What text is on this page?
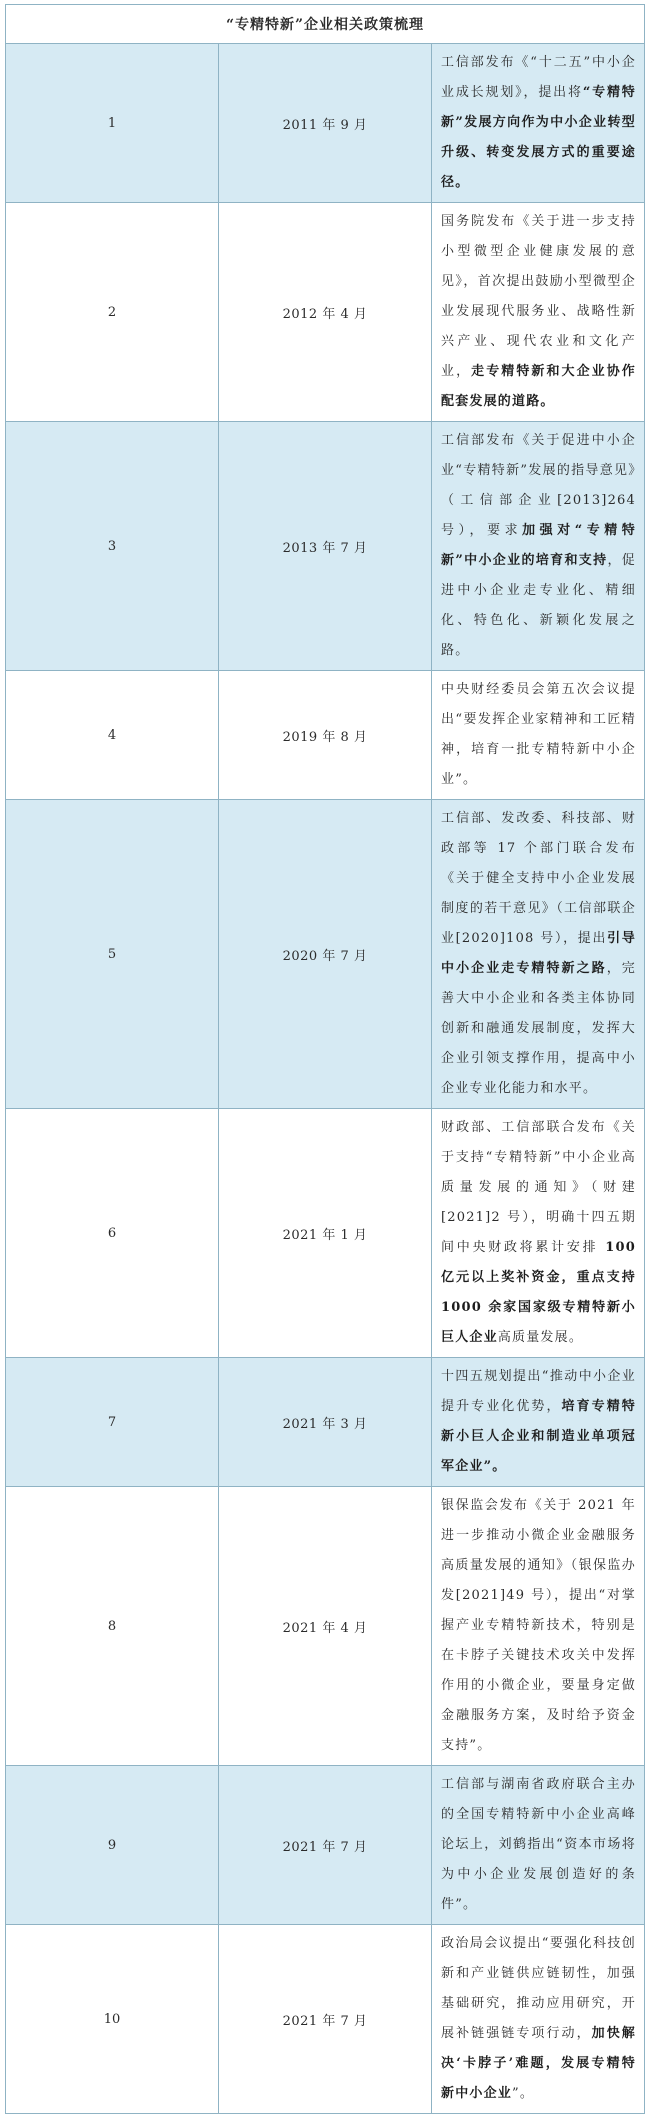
“专精特新”企业相关政策梳理		
1	2011 年 9 月	工信部发布《“十二五”中小企业成长规划》，提出将“专精特新”发展方向作为中小企业转型升级、转变发展方式的重要途径。
2	2012 年 4 月	国务院发布《关于进一步支持小型微型企业健康发展的意见》，首次提出鼓励小型微型企业发展现代服务业、战略性新兴产业、现代农业和文化产业，走专精特新和大企业协作配套发展的道路。
3	2013 年 7 月	工信部发布《关于促进中小企业“专精特新”发展的指导意见》（工信部企业[2013]264 号），要求加强对“专精特新”中小企业的培育和支持，促进中小企业走专业化、精细化、特色化、新颖化发展之路。
4	2019 年 8 月	中央财经委员会第五次会议提出“要发挥企业家精神和工匠精神，培育一批专精特新中小企业”。
5	2020 年 7 月	工信部、发改委、科技部、财政部等 17 个部门联合发布《关于健全支持中小企业发展制度的若干意见》（工信部联企业[2020]108 号），提出引导中小企业走专精特新之路，完善大中小企业和各类主体协同创新和融通发展制度，发挥大企业引领支撑作用，提高中小企业专业化能力和水平。
6	2021 年 1 月	财政部、工信部联合发布《关于支持“专精特新”中小企业高质量发展的通知》（财建[2021]2 号），明确十四五期间中央财政将累计安排 100 亿元以上奖补资金，重点支持 1000 余家国家级专精特新小巨人企业高质量发展。
7	2021 年 3 月	十四五规划提出“推动中小企业提升专业化优势，培育专精特新小巨人企业和制造业单项冠军企业”。
8	2021 年 4 月	银保监会发布《关于 2021 年进一步推动小微企业金融服务高质量发展的通知》（银保监办发[2021]49 号），提出“对掌握产业专精特新技术，特别是在卡脖子关键技术攻关中发挥作用的小微企业，要量身定做金融服务方案，及时给予资金支持”。
9	2021 年 7 月	工信部与湖南省政府联合主办的全国专精特新中小企业高峰论坛上，刘鹤指出“资本市场将为中小企业发展创造好的条件”。
10	2021 年 7 月	政治局会议提出“要强化科技创新和产业链供应链韧性，加强基础研究，推动应用研究，开展补链强链专项行动，加快解决‘卡脖子’难题，发展专精特新中小企业”。
